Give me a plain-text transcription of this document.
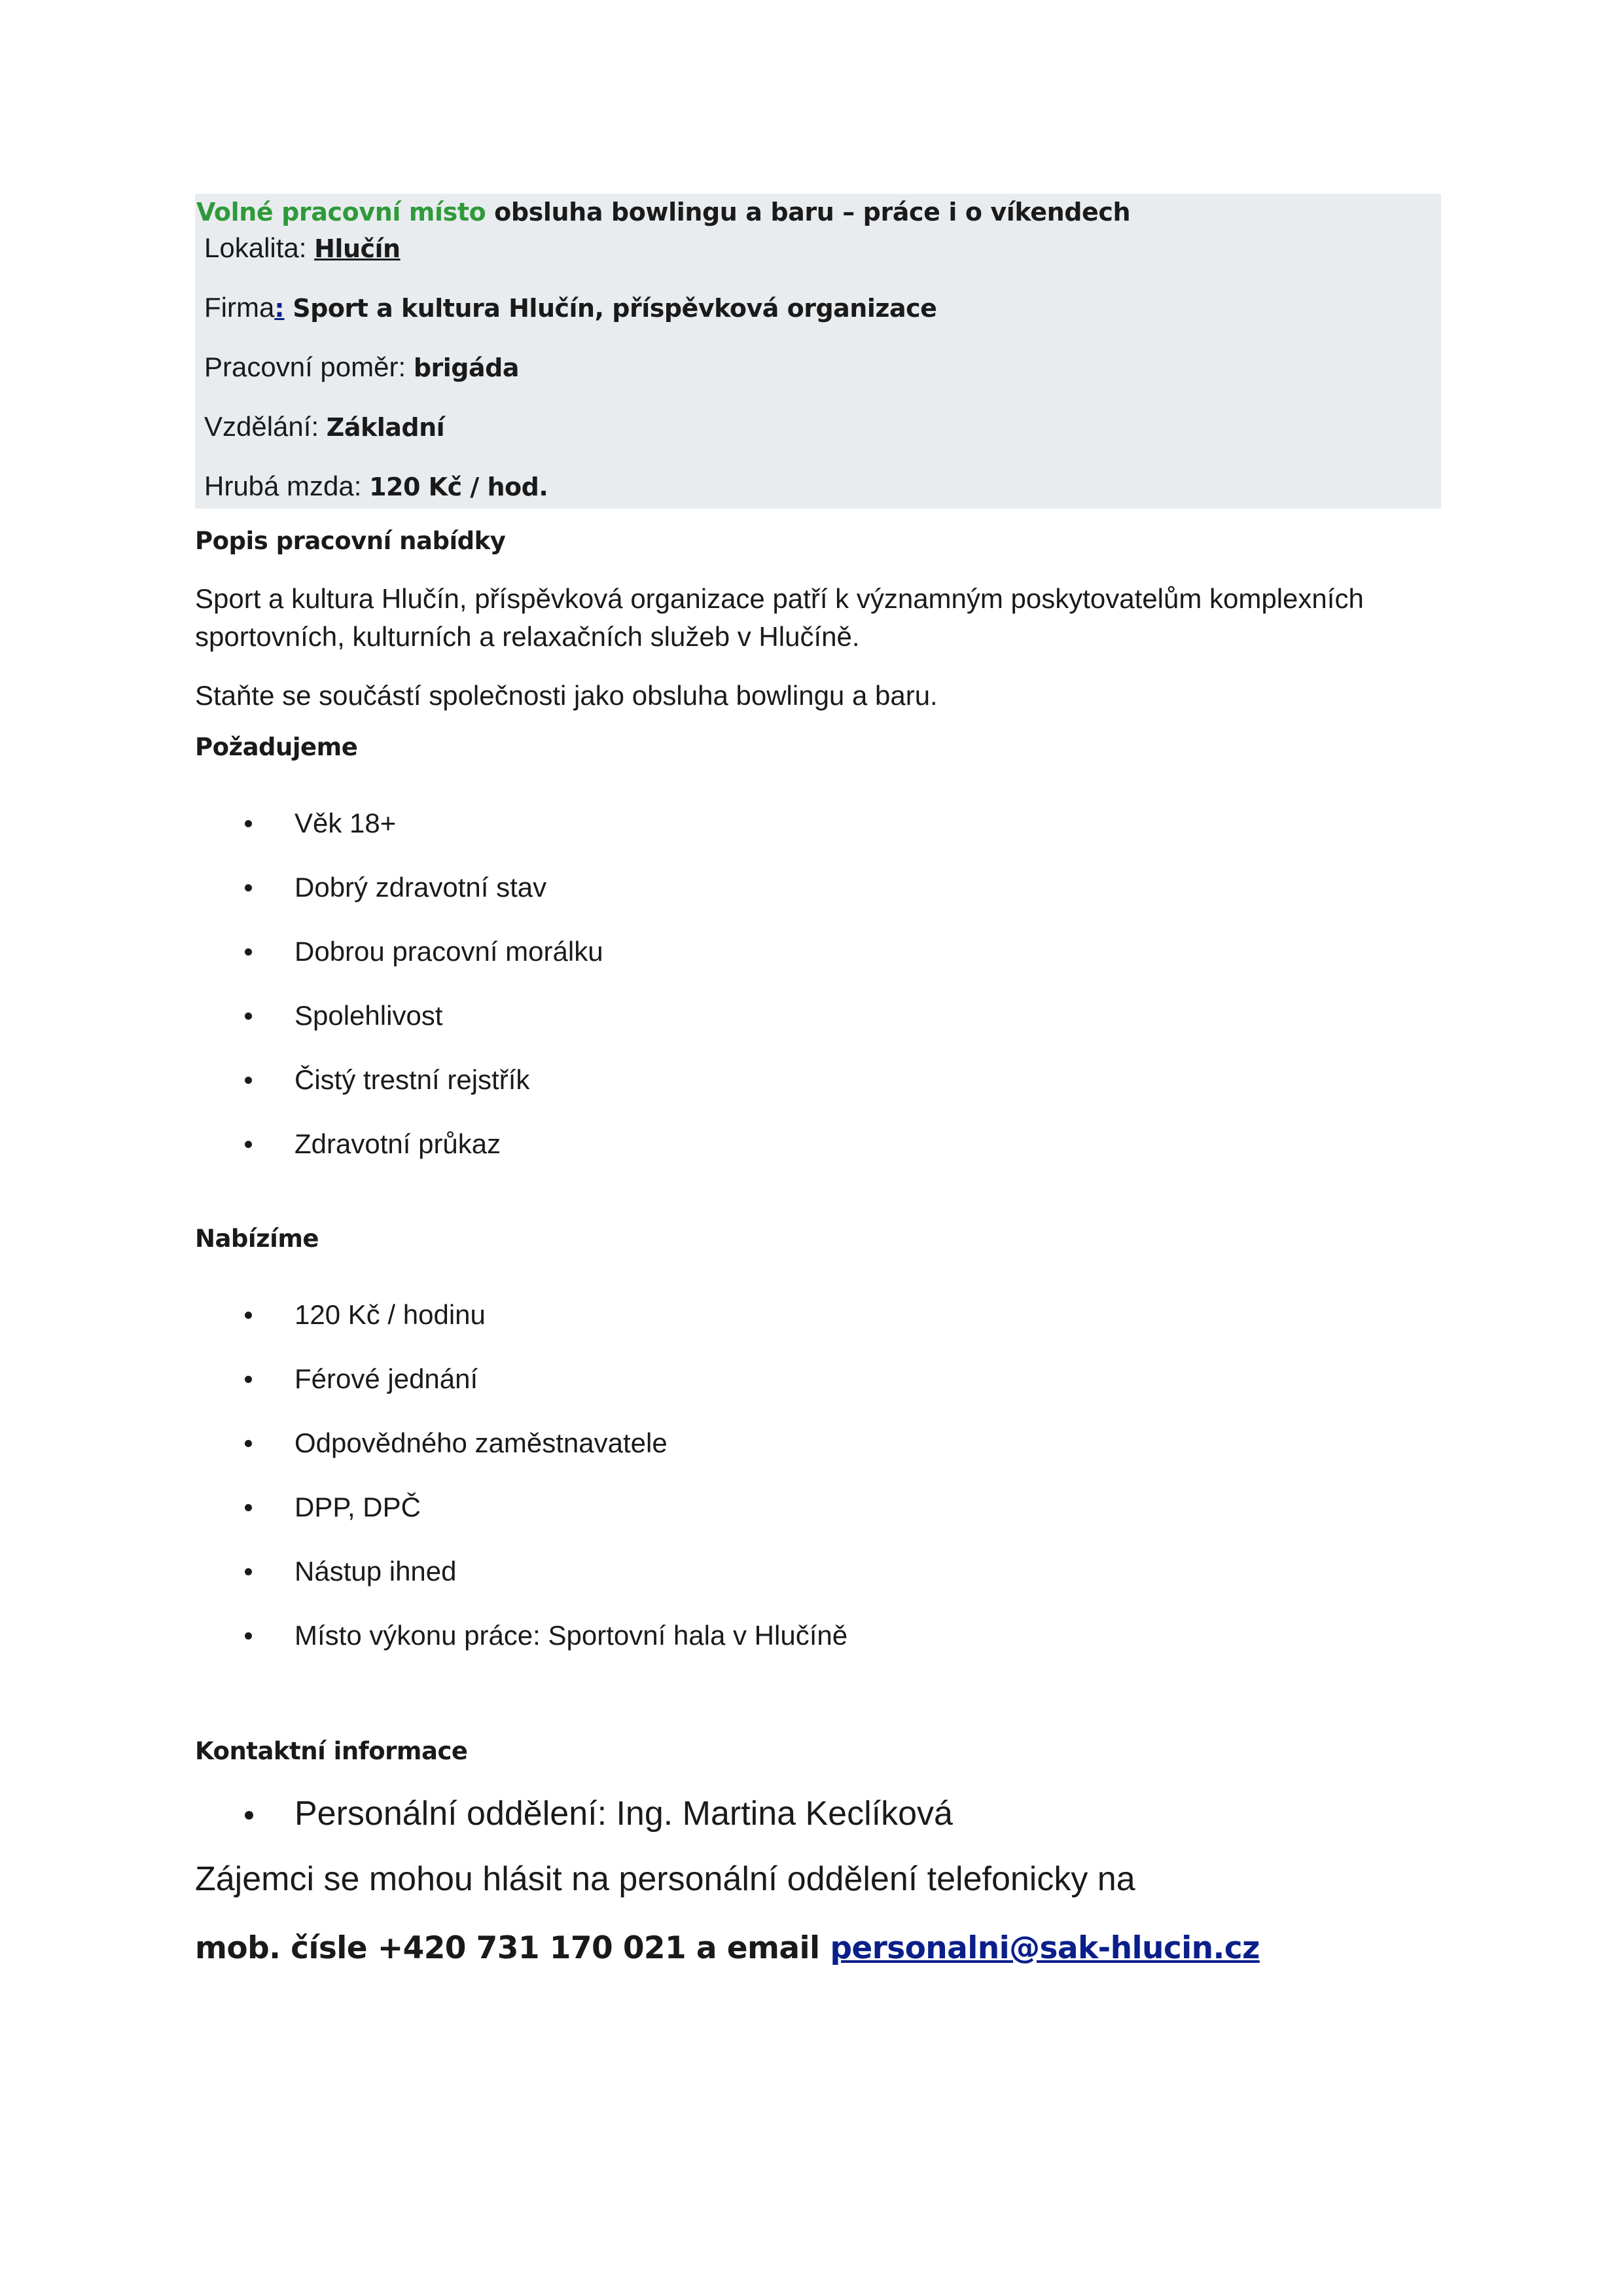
Volné pracovní místo obsluha bowlingu a baru – práce i o víkendech
Lokalita: Hlučín
Firma: Sport a kultura Hlučín, příspěvková organizace
Pracovní poměr: brigáda
Vzdělání: Základní
Hrubá mzda: 120 Kč / hod.
Popis pracovní nabídky

Sport a kultura Hlučín, příspěvková organizace patří k významným poskytovatelům komplexních sportovních, kulturních a relaxačních služeb v Hlučíně.

Staňte se součástí společnosti jako obsluha bowlingu a baru.

Požadujeme
Věk 18+
Dobrý zdravotní stav
Dobrou pracovní morálku
Spolehlivost
Čistý trestní rejstřík
Zdravotní průkaz
Nabízíme
120 Kč / hodinu
Férové jednání
Odpovědného zaměstnavatele
DPP, DPČ
Nástup ihned
Místo výkonu práce: Sportovní hala v Hlučíně
Kontaktní informace
Personální oddělení: Ing. Martina Keclíková

Zájemci se mohou hlásit na personální oddělení telefonicky na

mob. čísle +420 731 170 021 a email personalni@sak-hlucin.cz
